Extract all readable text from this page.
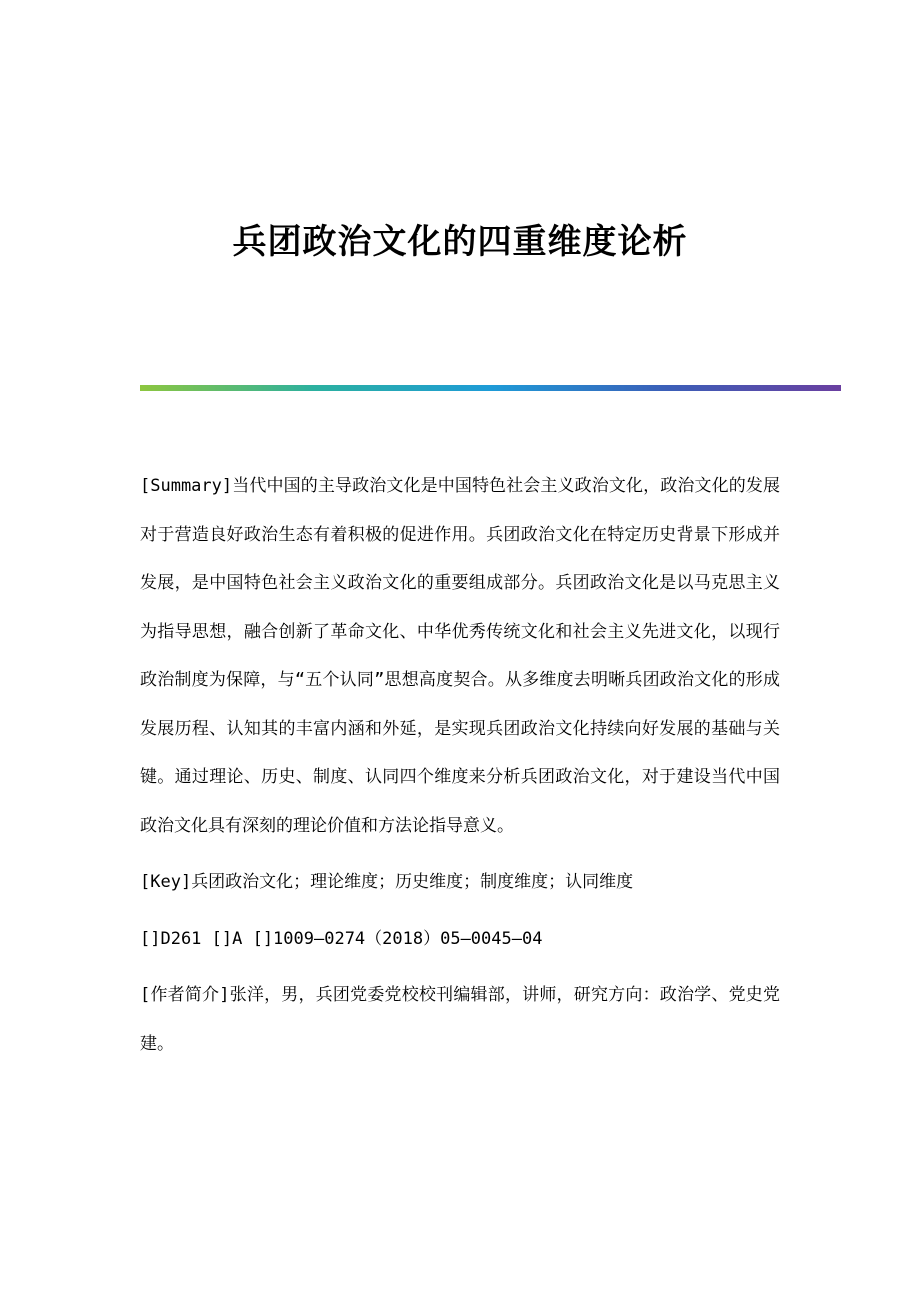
兵团政治文化的四重维度论析

[Summary]当代中国的主导政治文化是中国特色社会主义政治文化，政治文化的发展对于营造良好政治生态有着积极的促进作用。兵团政治文化在特定历史背景下形成并发展，是中国特色社会主义政治文化的重要组成部分。兵团政治文化是以马克思主义为指导思想，融合创新了革命文化、中华优秀传统文化和社会主义先进文化，以现行政治制度为保障，与“五个认同”思想高度契合。从多维度去明晰兵团政治文化的形成发展历程、认知其的丰富内涵和外延，是实现兵团政治文化持续向好发展的基础与关键。通过理论、历史、制度、认同四个维度来分析兵团政治文化，对于建设当代中国政治文化具有深刻的理论价值和方法论指导意义。

[Key]兵团政治文化；理论维度；历史维度；制度维度；认同维度

[]D261 []A []1009—0274（2018）05—0045—04

[作者简介]张洋，男，兵团党委党校校刊编辑部，讲师，研究方向：政治学、党史党建。
